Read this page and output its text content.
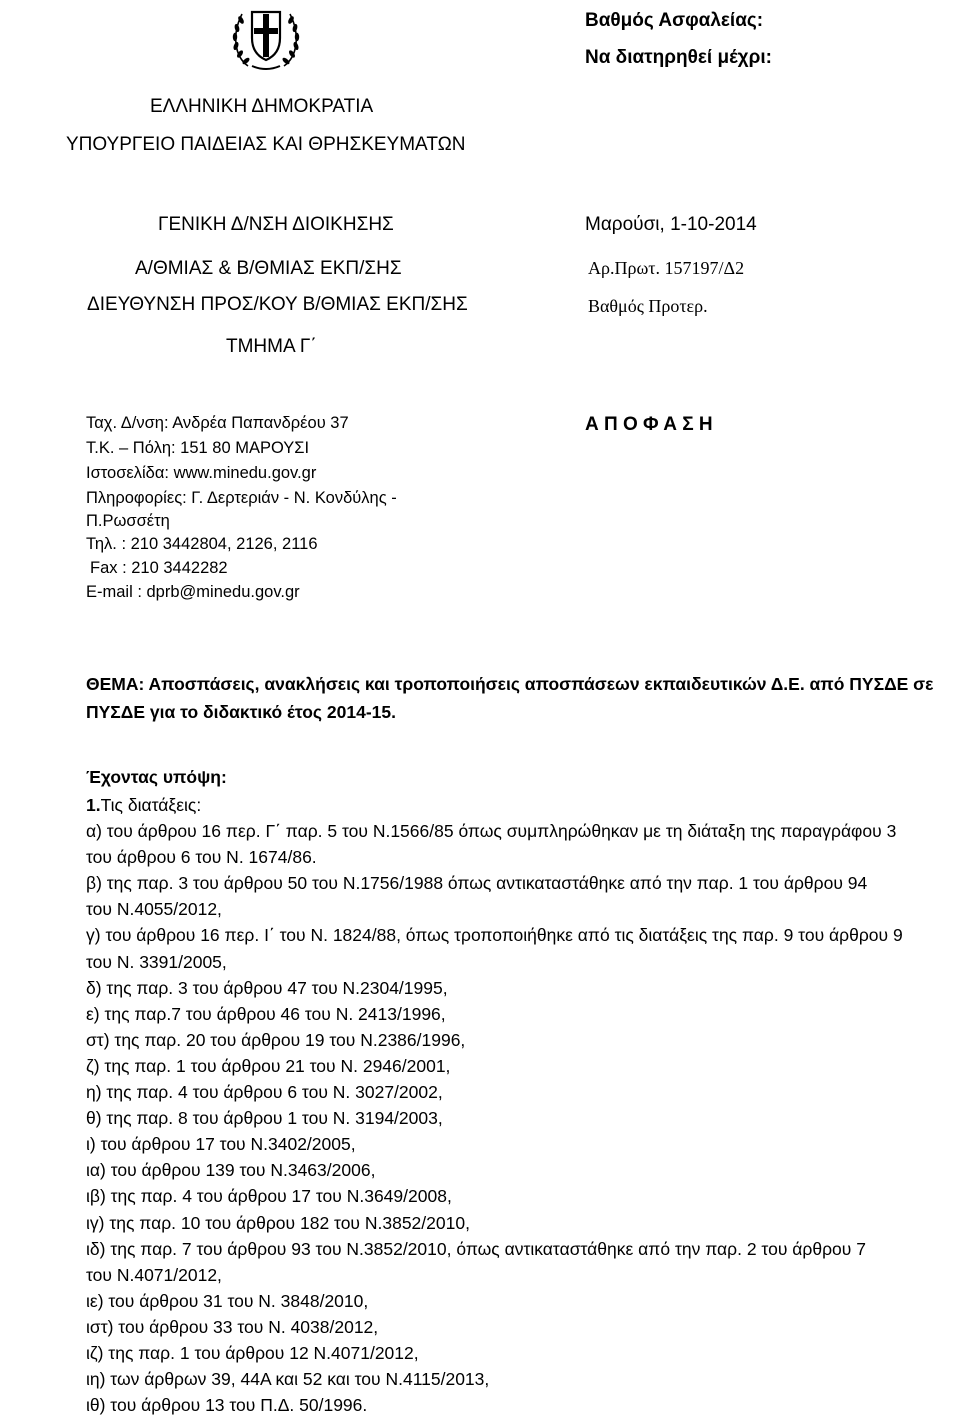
Βαθμός Ασφαλείας:
Να διατηρηθεί μέχρι:
ΕΛΛΗΝΙΚΗ ΔΗΜΟΚΡΑΤΙΑ
ΥΠΟΥΡΓΕΙΟ ΠΑΙΔΕΙΑΣ ΚΑΙ ΘΡΗΣΚΕΥΜΑΤΩΝ
ΓΕΝΙΚΗ Δ/ΝΣΗ ΔΙΟΙΚΗΣΗΣ
Α/ΘΜΙΑΣ & Β/ΘΜΙΑΣ ΕΚΠ/ΣΗΣ
ΔΙΕΥΘΥΝΣΗ ΠΡΟΣ/ΚΟΥ Β/ΘΜΙΑΣ ΕΚΠ/ΣΗΣ
ΤΜΗΜΑ Γ΄
Μαρούσι, 1-10-2014
Αρ.Πρωτ. 157197/Δ2
Βαθμός Προτερ.
Ταχ. Δ/νση: Ανδρέα Παπανδρέου 37
Τ.Κ. – Πόλη: 151 80 ΜΑΡΟΥΣΙ
Ιστοσελίδα: www.minedu.gov.gr
Πληροφορίες: Γ. Δερτεριάν - Ν. Κονδύλης -
Π.Ρωσσέτη
Τηλ. : 210 3442804, 2126, 2116
Fax : 210 3442282
E-mail : dprb@minedu.gov.gr
Α Π Ο Φ Α Σ Η
ΘΕΜΑ: Αποσπάσεις, ανακλήσεις και τροποποιήσεις αποσπάσεων εκπαιδευτικών Δ.Ε. από ΠΥΣΔΕ σε
ΠΥΣΔΕ για το διδακτικό έτος 2014-15.
Έχοντας υπόψη:
1.Τις διατάξεις:
α) του άρθρου 16 περ. Γ΄ παρ. 5 του Ν.1566/85 όπως συμπληρώθηκαν με τη διάταξη της παραγράφου 3
του άρθρου 6 του Ν. 1674/86.
β) της παρ. 3 του άρθρου 50 του Ν.1756/1988 όπως αντικαταστάθηκε από την παρ. 1 του άρθρου 94
του Ν.4055/2012,
γ) του άρθρου 16 περ. Ι΄ του Ν. 1824/88, όπως τροποποιήθηκε από τις διατάξεις της παρ. 9 του άρθρου 9
του Ν. 3391/2005,
δ) της παρ. 3 του άρθρου 47 του Ν.2304/1995,
ε) της παρ.7 του άρθρου 46 του Ν. 2413/1996,
στ) της παρ. 20 του άρθρου 19 του Ν.2386/1996,
ζ) της παρ. 1 του άρθρου 21 του Ν. 2946/2001,
η) της παρ. 4 του άρθρου 6 του Ν. 3027/2002,
θ) της παρ. 8 του άρθρου 1 του Ν. 3194/2003,
ι) του άρθρου 17 του Ν.3402/2005,
ια) του άρθρου 139 του Ν.3463/2006,
ιβ) της παρ. 4 του άρθρου 17 του Ν.3649/2008,
ιγ) της παρ. 10 του άρθρου 182 του Ν.3852/2010,
ιδ) της παρ. 7 του άρθρου 93 του Ν.3852/2010, όπως αντικαταστάθηκε από την παρ. 2 του άρθρου 7
του Ν.4071/2012,
ιε) του άρθρου 31 του Ν. 3848/2010,
ιστ) του άρθρου 33 του Ν. 4038/2012,
ιζ) της παρ. 1 του άρθρου 12 Ν.4071/2012,
ιη) των άρθρων 39, 44Α και 52 και του Ν.4115/2013,
ιθ) του άρθρου 13 του Π.Δ. 50/1996.
